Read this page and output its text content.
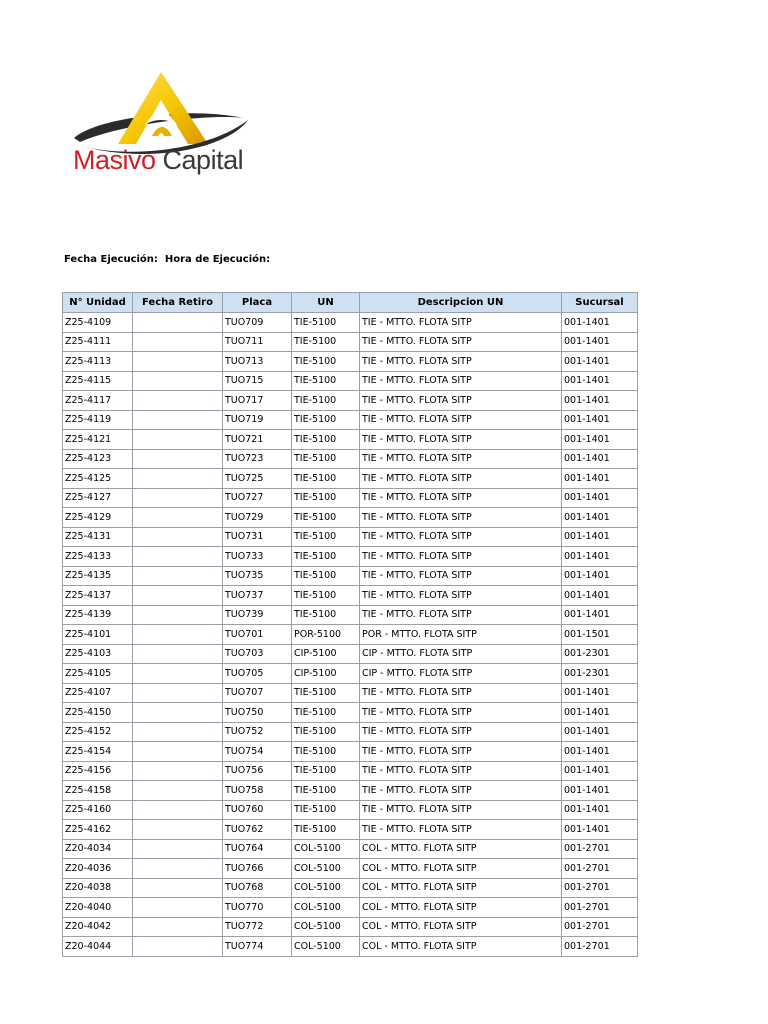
Masivo Capital
Fecha Ejecución: Hora de Ejecución:
N° Unidad	Fecha Retiro	Placa	UN	Descripcion UN	Sucursal
Z25-4109		TUO709	TIE-5100	TIE - MTTO. FLOTA SITP	001-1401
Z25-4111		TUO711	TIE-5100	TIE - MTTO. FLOTA SITP	001-1401
Z25-4113		TUO713	TIE-5100	TIE - MTTO. FLOTA SITP	001-1401
Z25-4115		TUO715	TIE-5100	TIE - MTTO. FLOTA SITP	001-1401
Z25-4117		TUO717	TIE-5100	TIE - MTTO. FLOTA SITP	001-1401
Z25-4119		TUO719	TIE-5100	TIE - MTTO. FLOTA SITP	001-1401
Z25-4121		TUO721	TIE-5100	TIE - MTTO. FLOTA SITP	001-1401
Z25-4123		TUO723	TIE-5100	TIE - MTTO. FLOTA SITP	001-1401
Z25-4125		TUO725	TIE-5100	TIE - MTTO. FLOTA SITP	001-1401
Z25-4127		TUO727	TIE-5100	TIE - MTTO. FLOTA SITP	001-1401
Z25-4129		TUO729	TIE-5100	TIE - MTTO. FLOTA SITP	001-1401
Z25-4131		TUO731	TIE-5100	TIE - MTTO. FLOTA SITP	001-1401
Z25-4133		TUO733	TIE-5100	TIE - MTTO. FLOTA SITP	001-1401
Z25-4135		TUO735	TIE-5100	TIE - MTTO. FLOTA SITP	001-1401
Z25-4137		TUO737	TIE-5100	TIE - MTTO. FLOTA SITP	001-1401
Z25-4139		TUO739	TIE-5100	TIE - MTTO. FLOTA SITP	001-1401
Z25-4101		TUO701	POR-5100	POR - MTTO. FLOTA SITP	001-1501
Z25-4103		TUO703	CIP-5100	CIP - MTTO. FLOTA SITP	001-2301
Z25-4105		TUO705	CIP-5100	CIP - MTTO. FLOTA SITP	001-2301
Z25-4107		TUO707	TIE-5100	TIE - MTTO. FLOTA SITP	001-1401
Z25-4150		TUO750	TIE-5100	TIE - MTTO. FLOTA SITP	001-1401
Z25-4152		TUO752	TIE-5100	TIE - MTTO. FLOTA SITP	001-1401
Z25-4154		TUO754	TIE-5100	TIE - MTTO. FLOTA SITP	001-1401
Z25-4156		TUO756	TIE-5100	TIE - MTTO. FLOTA SITP	001-1401
Z25-4158		TUO758	TIE-5100	TIE - MTTO. FLOTA SITP	001-1401
Z25-4160		TUO760	TIE-5100	TIE - MTTO. FLOTA SITP	001-1401
Z25-4162		TUO762	TIE-5100	TIE - MTTO. FLOTA SITP	001-1401
Z20-4034		TUO764	COL-5100	COL - MTTO. FLOTA SITP	001-2701
Z20-4036		TUO766	COL-5100	COL - MTTO. FLOTA SITP	001-2701
Z20-4038		TUO768	COL-5100	COL - MTTO. FLOTA SITP	001-2701
Z20-4040		TUO770	COL-5100	COL - MTTO. FLOTA SITP	001-2701
Z20-4042		TUO772	COL-5100	COL - MTTO. FLOTA SITP	001-2701
Z20-4044		TUO774	COL-5100	COL - MTTO. FLOTA SITP	001-2701
